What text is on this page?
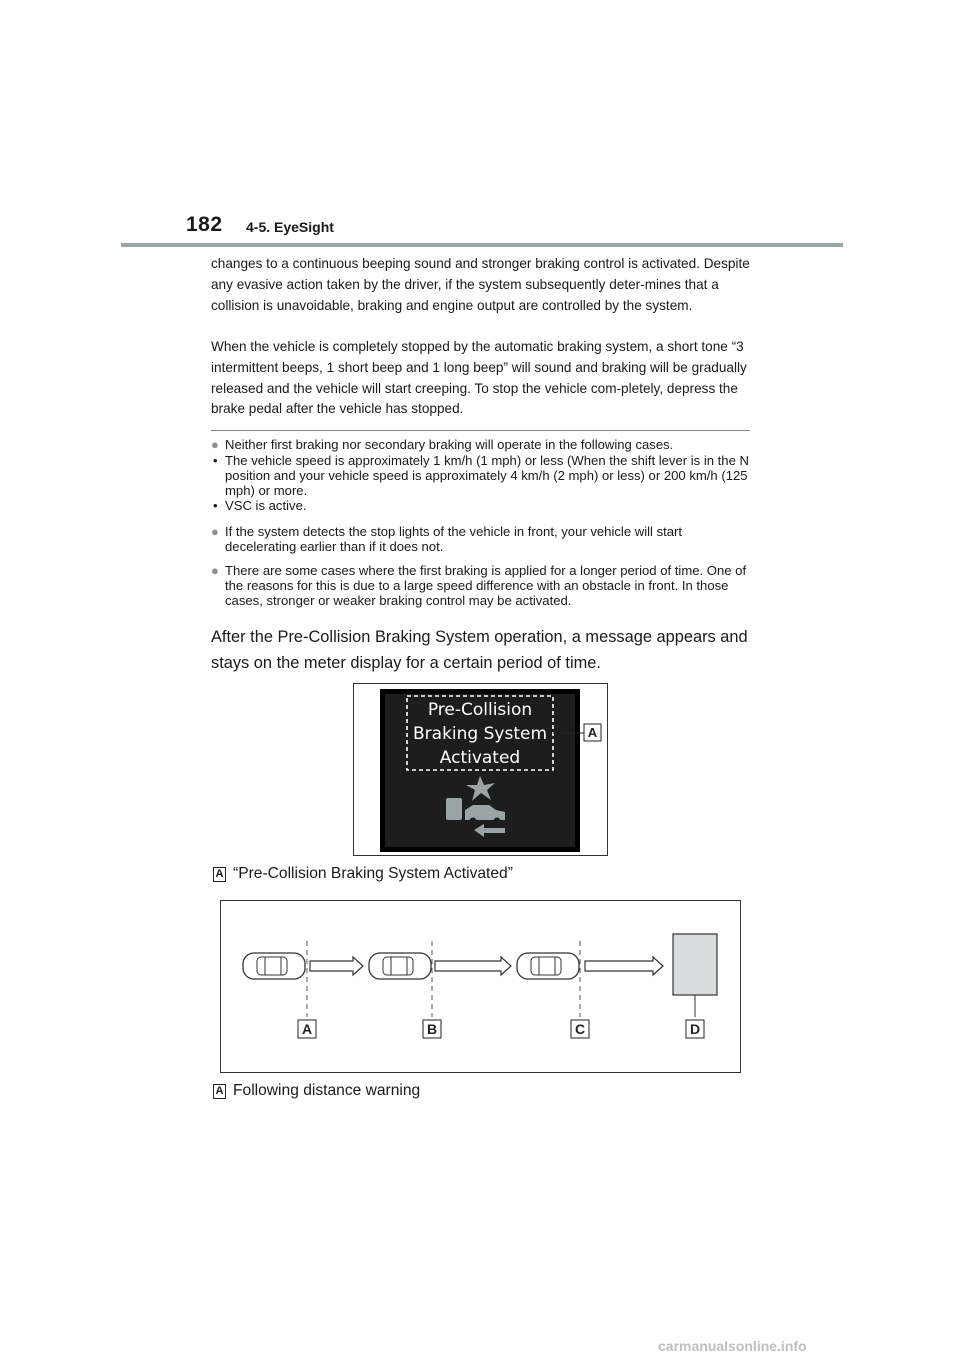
182 4-5. EyeSight

changes to a continuous beeping sound and stronger braking control is activated. Despite any evasive action taken by the driver, if the system subsequently deter-mines that a collision is unavoidable, braking and engine output are controlled by the system.

When the vehicle is completely stopped by the automatic braking system, a short tone “3 intermittent beeps, 1 short beep and 1 long beep” will sound and braking will be gradually released and the vehicle will start creeping. To stop the vehicle com-pletely, depress the brake pedal after the vehicle has stopped.

● Neither first braking nor secondary braking will operate in the following cases.
• The vehicle speed is approximately 1 km/h (1 mph) or less (When the shift lever is in the N position and your vehicle speed is approximately 4 km/h (2 mph) or less) or 200 km/h (125 mph) or more.
• VSC is active.
● If the system detects the stop lights of the vehicle in front, your vehicle will start decelerating earlier than if it does not.
● There are some cases where the first braking is applied for a longer period of time. One of the reasons for this is due to a large speed difference with an obstacle in front. In those cases, stronger or weaker braking control may be activated.
After the Pre-Collision Braking System operation, a message appears and stays on the meter display for a certain period of time.
Pre-Collision
Braking System
Activated
A
A “Pre-Collision Braking System Activated”
A	B	C	D
A Following distance warning
carmanualsonline.info
